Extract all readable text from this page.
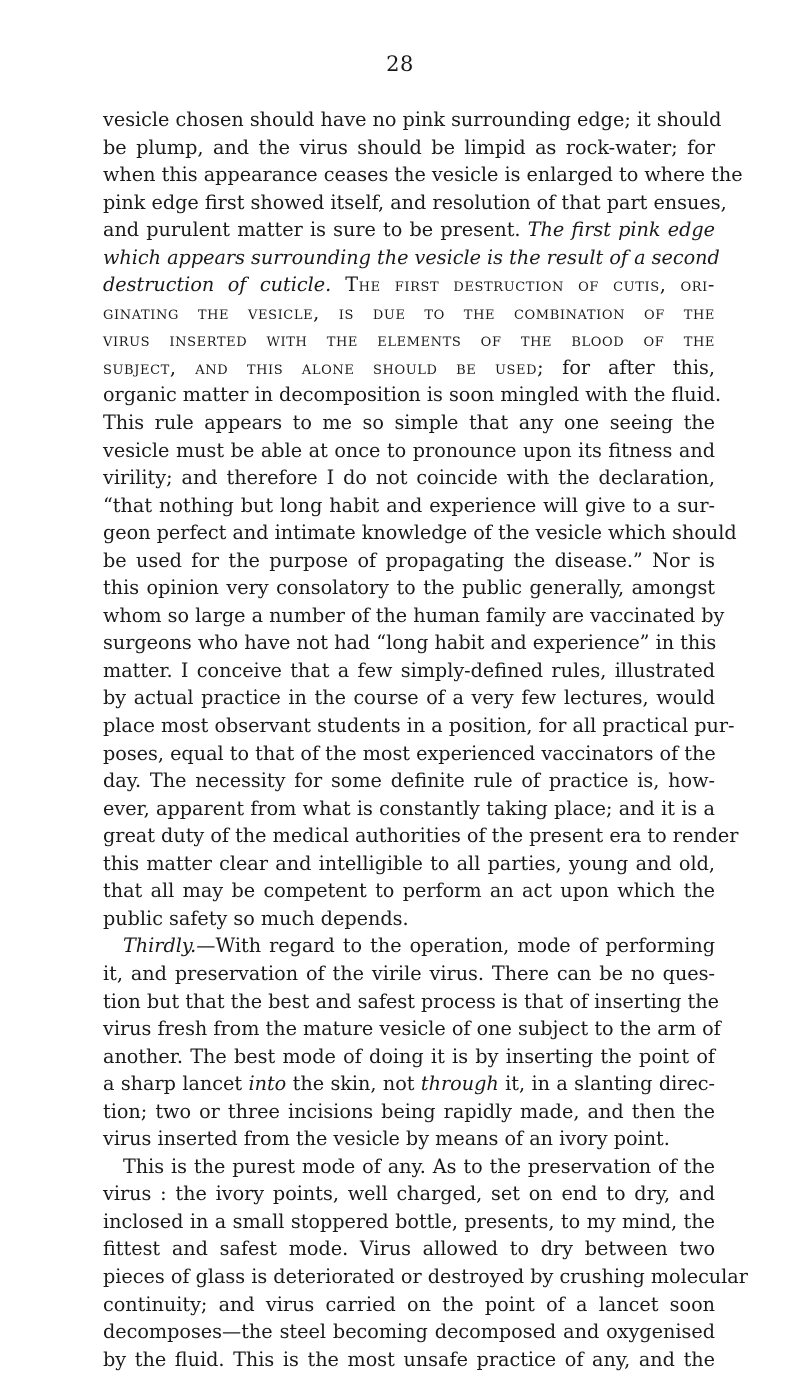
28
vesicle chosen should have no pink surrounding edge; it should
be plump, and the virus should be limpid as rock-water; for
when this appearance ceases the vesicle is enlarged to where the
pink edge first showed itself, and resolution of that part ensues,
and purulent matter is sure to be present. The first pink edge
which appears surrounding the vesicle is the result of a second
destruction of cuticle. The first destruction of cutis, ori-
ginating the vesicle, is due to the combination of the
virus inserted with the elements of the blood of the
subject, and this alone should be used; for after this,
organic matter in decomposition is soon mingled with the fluid.
This rule appears to me so simple that any one seeing the
vesicle must be able at once to pronounce upon its fitness and
virility; and therefore I do not coincide with the declaration,
“that nothing but long habit and experience will give to a sur-
geon perfect and intimate knowledge of the vesicle which should
be used for the purpose of propagating the disease.” Nor is
this opinion very consolatory to the public generally, amongst
whom so large a number of the human family are vaccinated by
surgeons who have not had “long habit and experience” in this
matter. I conceive that a few simply-defined rules, illustrated
by actual practice in the course of a very few lectures, would
place most observant students in a position, for all practical pur-
poses, equal to that of the most experienced vaccinators of the
day. The necessity for some definite rule of practice is, how-
ever, apparent from what is constantly taking place; and it is a
great duty of the medical authorities of the present era to render
this matter clear and intelligible to all parties, young and old,
that all may be competent to perform an act upon which the
public safety so much depends.
Thirdly.—With regard to the operation, mode of performing
it, and preservation of the virile virus. There can be no ques-
tion but that the best and safest process is that of inserting the
virus fresh from the mature vesicle of one subject to the arm of
another. The best mode of doing it is by inserting the point of
a sharp lancet into the skin, not through it, in a slanting direc-
tion; two or three incisions being rapidly made, and then the
virus inserted from the vesicle by means of an ivory point.
This is the purest mode of any. As to the preservation of the
virus : the ivory points, well charged, set on end to dry, and
inclosed in a small stoppered bottle, presents, to my mind, the
fittest and safest mode. Virus allowed to dry between two
pieces of glass is deteriorated or destroyed by crushing molecular
continuity; and virus carried on the point of a lancet soon
decomposes—the steel becoming decomposed and oxygenised
by the fluid. This is the most unsafe practice of any, and the
